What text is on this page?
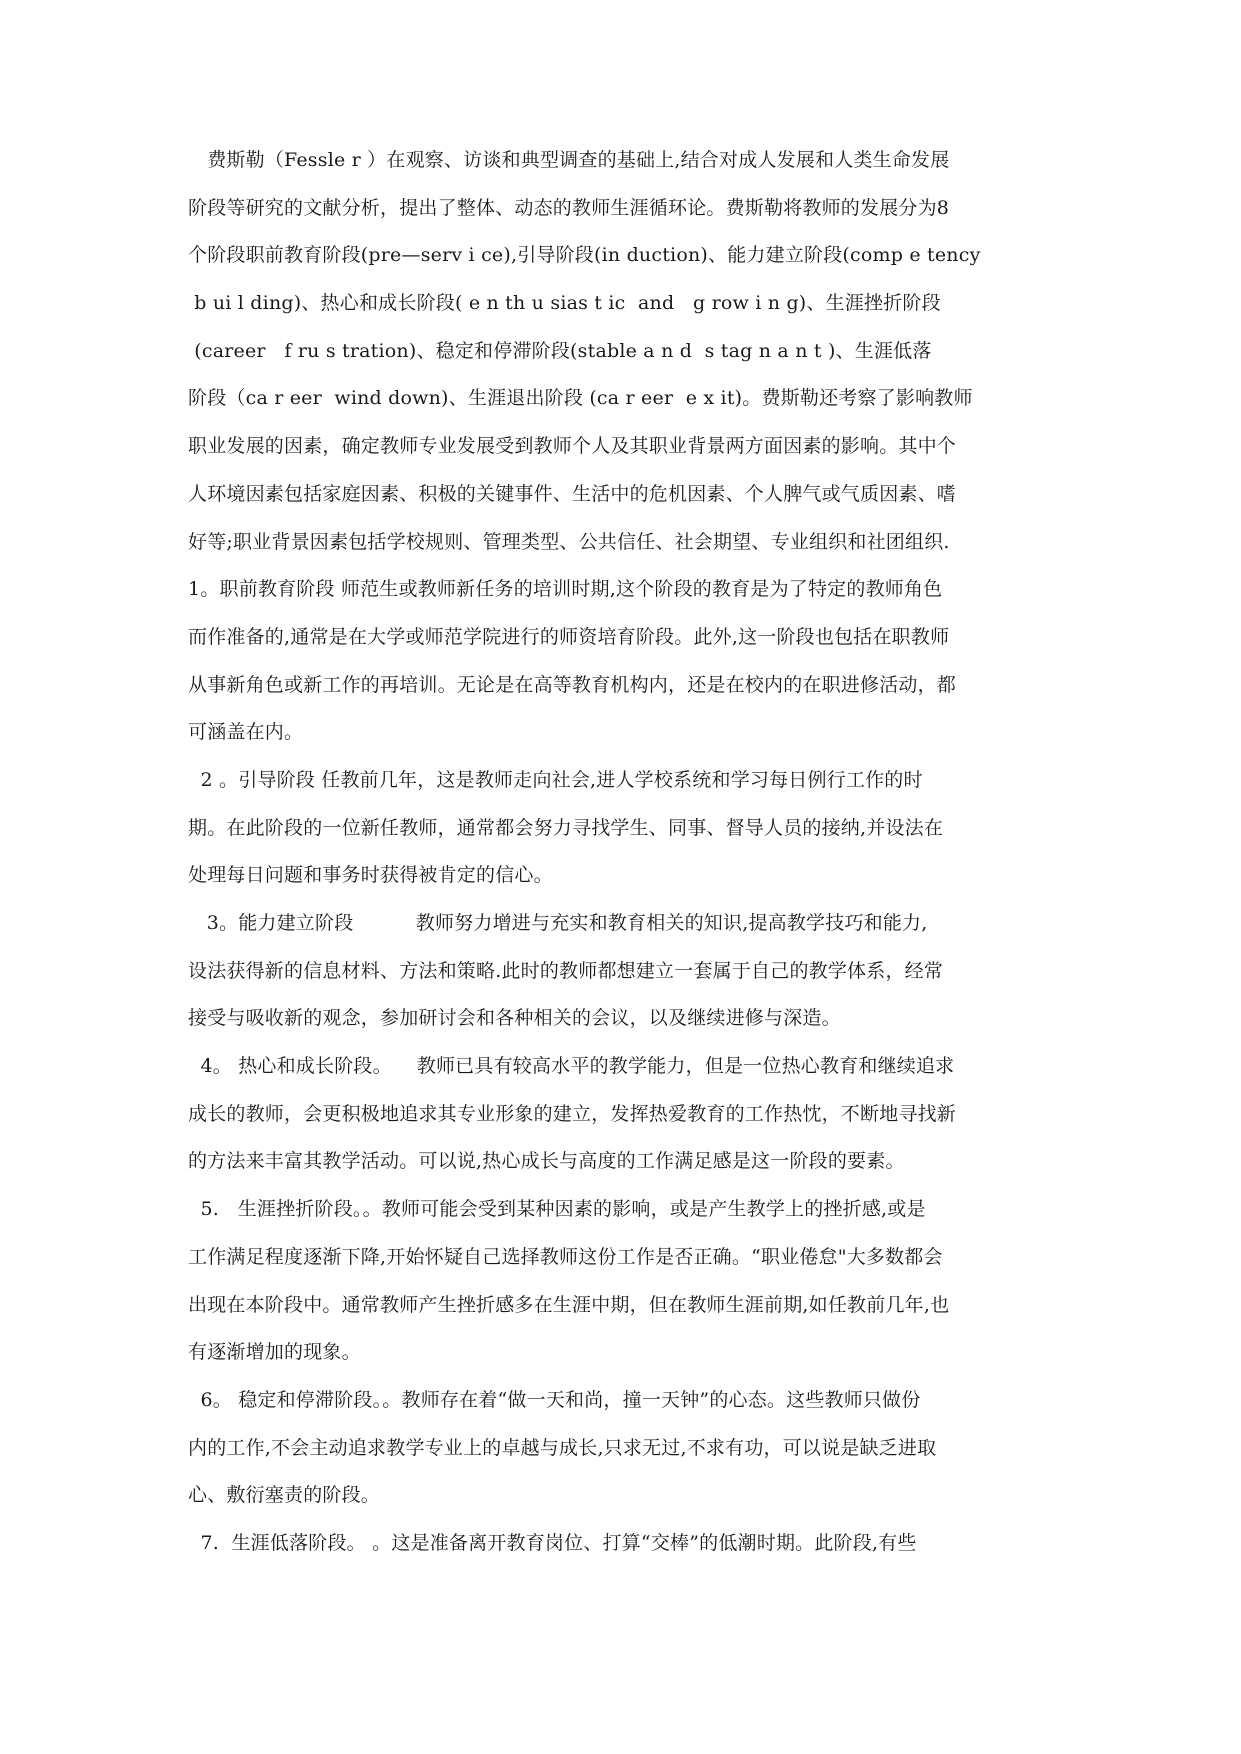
　费斯勒（Fessle r ）在观察、访谈和典型调查的基础上,结合对成人发展和人类生命发展
阶段等研究的文献分析，提出了整体、动态的教师生涯循环论。费斯勒将教师的发展分为8
个阶段职前教育阶段(pre—serv i ce),引导阶段(in duction)、能力建立阶段(comp e tency
b ui l ding)、热心和成长阶段( e n th u sias t ic  and   g row i n g)、生涯挫折阶段
(career   f ru s tration)、稳定和停滞阶段(stable a n d  s tag n a n t )、生涯低落
阶段（ca r eer  wind down)、生涯退出阶段 (ca r eer  e x it)。费斯勒还考察了影响教师
职业发展的因素，确定教师专业发展受到教师个人及其职业背景两方面因素的影响。其中个
人环境因素包括家庭因素、积极的关键事件、生活中的危机因素、个人脾气或气质因素、嗜
好等;职业背景因素包括学校规则、管理类型、公共信任、社会期望、专业组织和社团组织.
1。职前教育阶段 师范生或教师新任务的培训时期,这个阶段的教育是为了特定的教师角色
而作准备的,通常是在大学或师范学院进行的师资培育阶段。此外,这一阶段也包括在职教师
从事新角色或新工作的再培训。无论是在高等教育机构内，还是在校内的在职进修活动，都
可涵盖在内。
2 。引导阶段 任教前几年，这是教师走向社会,进人学校系统和学习每日例行工作的时
期。在此阶段的一位新任教师，通常都会努力寻找学生、同事、督导人员的接纳,并设法在
处理每日问题和事务时获得被肯定的信心。
3。能力建立阶段          教师努力增进与充实和教育相关的知识,提高教学技巧和能力,
设法获得新的信息材料、方法和策略.此时的教师都想建立一套属于自己的教学体系，经常
接受与吸收新的观念，参加研讨会和各种相关的会议，以及继续进修与深造。
4。 热心和成长阶段。    教师已具有较高水平的教学能力，但是一位热心教育和继续追求
成长的教师，会更积极地追求其专业形象的建立，发挥热爱教育的工作热忱，不断地寻找新
的方法来丰富其教学活动。可以说,热心成长与高度的工作满足感是这一阶段的要素。
5.   生涯挫折阶段。。教师可能会受到某种因素的影响，或是产生教学上的挫折感,或是
工作满足程度逐渐下降,开始怀疑自己选择教师这份工作是否正确。“职业倦怠"大多数都会
出现在本阶段中。通常教师产生挫折感多在生涯中期，但在教师生涯前期,如任教前几年,也
有逐渐增加的现象。
6。 稳定和停滞阶段。。教师存在着“做一天和尚，撞一天钟”的心态。这些教师只做份
内的工作,不会主动追求教学专业上的卓越与成长,只求无过,不求有功，可以说是缺乏进取
心、敷衍塞责的阶段。
7.  生涯低落阶段。 。这是准备离开教育岗位、打算“交棒”的低潮时期。此阶段,有些
